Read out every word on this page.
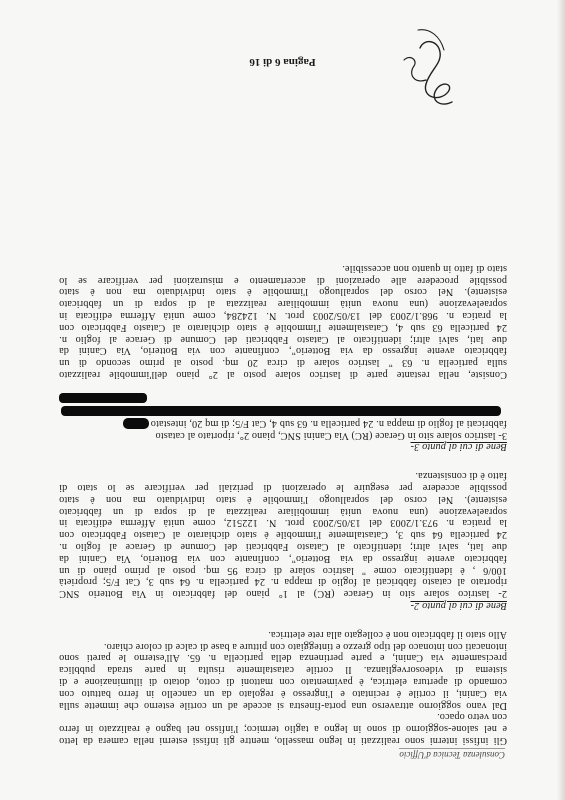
Consulenza Tecnica d'Ufficio

Gli infissi interni sono realizzati in legno massello, mentre gli infissi esterni nella camera da letto
e nel salone-soggiorno di sono in legno a taglio termico; l'infisso nel bagno è realizzato in ferro
con vetro opaco.
Dal vano soggiorno attraverso una porta-finestra si accede ad un cortile esterno che immette sulla
via Canini, il cortile è recintato e l'ingresso è regolato da un cancello in ferro battuto con
comando di apertura elettrica, è pavimentato con mattoni di cotto, dotato di illuminazione e di
sistema di videosorveglianza. Il cortile catastalmente risulta in parte strada pubblica
precisamente via Canini, e parte pertinenza della particella n. 65. All'esterno le pareti sono
intonacati con intonaco del tipo grezzo e tinteggiato con pitture a base di calce di colore chiaro.
Allo stato il fabbricato non è collegato alla rete elettrica.

Bene di cui al punto 2-
2- lastrico solare sito in Gerace (RC) al 1° piano del fabbricato in Via Botterio SNC
riportato al catasto fabbricati al foglio di mappa n. 24 particella n. 64 sub 3, Cat F/5; proprietà
100/6 , è identificato come " lastrico solare di circa 95 mq. posto al primo piano di un
fabbricato avente ingresso da via Botterio", confinante con via Botterio, Via Canini da
due lati, salvi altri; identificato al Catasto Fabbricati del Comune di Gerace al foglio n.
24 particella 64 sub 3, Catastalmente l'immobile è stato dichiarato al Catasto Fabbricato con
la pratica n. 973.1/2003 del 13/05/2003 prot. N. 122512, come unità Afferma edificata in
sopraelevazione (una nuova unità immobiliare realizzata al di sopra di un fabbricato
esistente). Nel corso del sopralluogo l'immobile è stato individuato ma non è stato
possibile accedere per eseguire le operazioni di periziali per verificare se lo stato di
fatto è di consistenza.

Bene di cui al punto 3-
3- lastrico solare sito in Gerace (RC) Via Canini SNC, piano 2°, riportato al catasto
fabbricati al foglio di mappa n. 24 particella n. 63 sub 4, Cat F/5; di mq 20, intestato

Consiste, nella restante parte di lastrico solare posto al 2° piano dell'immobile realizzato
sulla particella n. 63 " lastrico solare di circa 20 mq. posto al primo secondo di un
fabbricato avente ingresso da via Botterio", confinante con via Botterio, Via Canini da
due lati, salvi altri; identificato al Catasto Fabbricati del Comune di Gerace al foglio n.
24 particella 63 sub 4, Catastalmente l'immobile è stato dichiarato al Catasto Fabbricato con
la pratica n. 968.1/2003 del 13/05/2003 prot. N. 124284, come unità Afferma edificata in
sopraelevazione (una nuova unità immobiliare realizzata al di sopra di un fabbricato
esistente). Nel corso del sopralluogo l'immobile è stato individuato ma non è stato
possibile procedere alle operazioni di accertamento e misurazioni per verificare se lo
stato di fatto in quanto non accessibile.

Pagina 6 di 16
